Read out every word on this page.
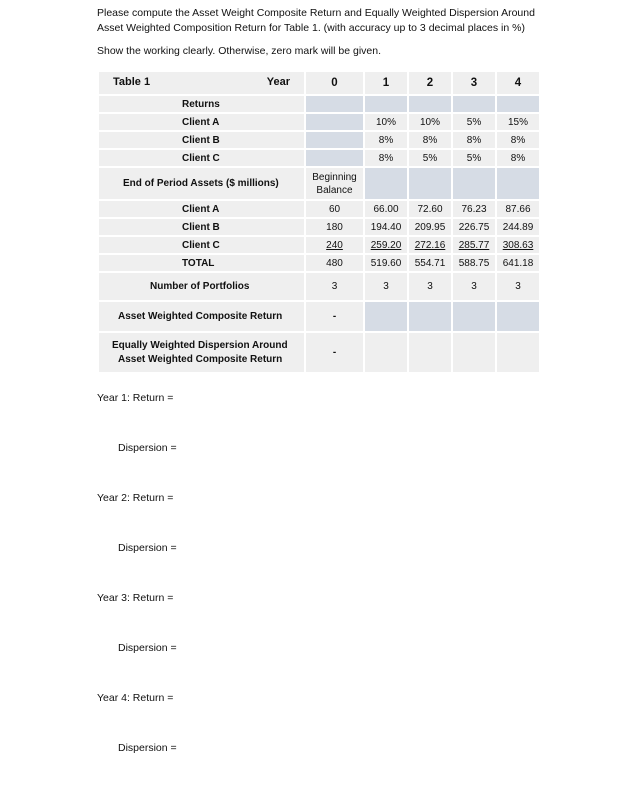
Please compute the Asset Weight Composite Return and Equally Weighted Dispersion Around
Asset Weighted Composition Return for Table 1. (with accuracy up to 3 decimal places in %)
Show the working clearly. Otherwise, zero mark will be given.
Table 1 Year	0	1	2	3	4
Returns					
Client A		10%	10%	5%	15%
Client B		8%	8%	8%	8%
Client C		8%	5%	5%	8%
End of Period Assets ($ millions)	Beginning
Balance				

Client A	60	66.00	72.60	76.23	87.66
Client B	180	194.40	209.95	226.75	244.89
Client C	240	259.20	272.16	285.77	308.63
TOTAL	480	519.60	554.71	588.75	641.18
Number of Portfolios	3	3	3	3	3
Asset Weighted Composite Return	-				

Equally Weighted Dispersion Around
Asset Weighted Composite Return	-				
Year 1: Return =
Dispersion =
Year 2: Return =
Dispersion =
Year 3: Return =
Dispersion =
Year 4: Return =
Dispersion =
